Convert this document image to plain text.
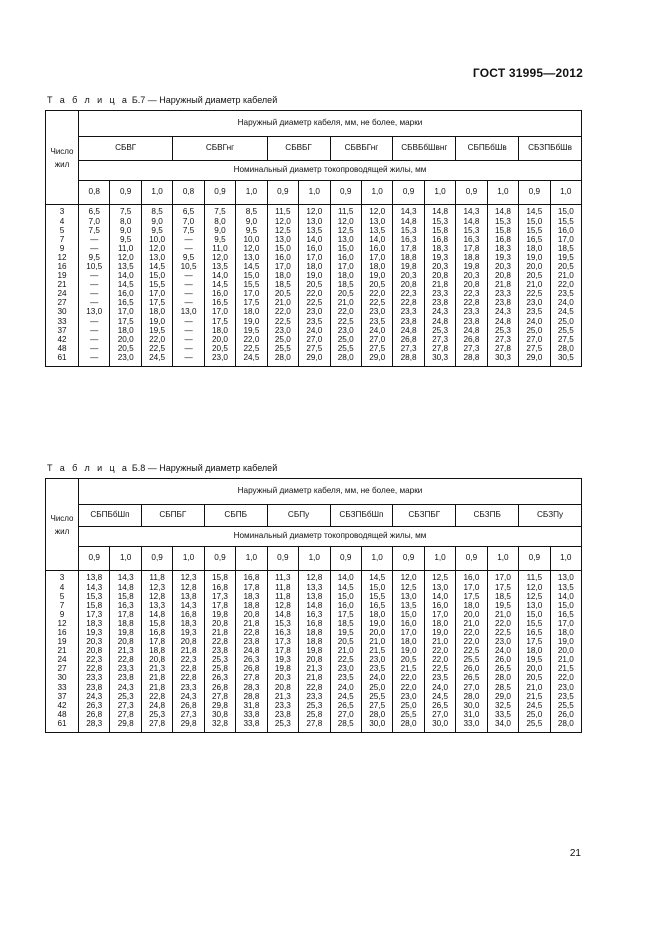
ГОСТ 31995—2012
Т а б л и ц а Б.7 — Наружный диаметр кабелей
Число
жил	Наружный диаметр кабеля, мм, не более, марки															
	СБВГ			СБВГнг			СБВБГ		СБВБГнг		СБВБбШвнг		СБПБбШв		СБЗПБбШв	
	Номинальный диаметр токопроводящей жилы, мм															
	0,8	0,9	1,0	0,8	0,9	1,0	0,9	1,0	0,9	1,0	0,9	1,0	0,9	1,0	0,9	1,0
3	6,5	7,5	8,5	6,5	7,5	8,5	11,5	12,0	11,5	12,0	14,3	14,8	14,3	14,8	14,5	15,0
4	7,0	8,0	9,0	7,0	8,0	9,0	12,0	13,0	12,0	13,0	14,8	15,3	14,8	15,3	15,0	15,5
5	7,5	9,0	9,5	7,5	9,0	9,5	12,5	13,5	12,5	13,5	15,3	15,8	15,3	15,8	15,5	16,0
7	—	9,5	10,0	—	9,5	10,0	13,0	14,0	13,0	14,0	16,3	16,8	16,3	16,8	16,5	17,0
9	—	11,0	12,0	—	11,0	12,0	15,0	16,0	15,0	16,0	17,8	18,3	17,8	18,3	18,0	18,5
12	9,5	12,0	13,0	9,5	12,0	13,0	16,0	17,0	16,0	17,0	18,8	19,3	18,8	19,3	19,0	19,5
16	10,5	13,5	14,5	10,5	13,5	14,5	17,0	18,0	17,0	18,0	19,8	20,3	19,8	20,3	20,0	20,5
19	—	14,0	15,0	—	14,0	15,0	18,0	19,0	18,0	19,0	20,3	20,8	20,3	20,8	20,5	21,0
21	—	14,5	15,5	—	14,5	15,5	18,5	20,5	18,5	20,5	20,8	21,8	20,8	21,8	21,0	22,0
24	—	16,0	17,0	—	16,0	17,0	20,5	22,0	20,5	22,0	22,3	23,3	22,3	23,3	22,5	23,5
27	—	16,5	17,5	—	16,5	17,5	21,0	22,5	21,0	22,5	22,8	23,8	22,8	23,8	23,0	24,0
30	13,0	17,0	18,0	13,0	17,0	18,0	22,0	23,0	22,0	23,0	23,3	24,3	23,3	24,3	23,5	24,5
33	—	17,5	19,0	—	17,5	19,0	22,5	23,5	22,5	23,5	23,8	24,8	23,8	24,8	24,0	25,0
37	—	18,0	19,5	—	18,0	19,5	23,0	24,0	23,0	24,0	24,8	25,3	24,8	25,3	25,0	25,5
42	—	20,0	22,0	—	20,0	22,0	25,0	27,0	25,0	27,0	26,8	27,3	26,8	27,3	27,0	27,5
48	—	20,5	22,5	—	20,5	22,5	25,5	27,5	25,5	27,5	27,3	27,8	27,3	27,8	27,5	28,0
61	—	23,0	24,5	—	23,0	24,5	28,0	29,0	28,0	29,0	28,8	30,3	28,8	30,3	29,0	30,5
Т а б л и ц а Б.8 — Наружный диаметр кабелей
Число
жил	Наружный диаметр кабеля, мм, не более, марки															
	СБПБбШп		СБПБГ		СБПБ		СБПу		СБЗПБбШп		СБЗПБГ		СБЗПБ		СБЗПу	
	Номинальный диаметр токопроводящей жилы, мм															
	0,9	1,0	0,9	1,0	0,9	1,0	0,9	1,0	0,9	1,0	0,9	1,0	0,9	1,0	0,9	1,0
3	13,8	14,3	11,8	12,3	15,8	16,8	11,3	12,8	14,0	14,5	12,0	12,5	16,0	17,0	11,5	13,0
4	14,3	14,8	12,3	12,8	16,8	17,8	11,8	13,3	14,5	15,0	12,5	13,0	17,0	17,5	12,0	13,5
5	15,3	15,8	12,8	13,8	17,3	18,3	11,8	13,8	15,0	15,5	13,0	14,0	17,5	18,5	12,5	14,0
7	15,8	16,3	13,3	14,3	17,8	18,8	12,8	14,8	16,0	16,5	13,5	16,0	18,0	19,5	13,0	15,0
9	17,3	17,8	14,8	16,8	19,8	20,8	14,8	16,3	17,5	18,0	15,0	17,0	20,0	21,0	15,0	16,5
12	18,3	18,8	15,8	18,3	20,8	21,8	15,3	16,8	18,5	19,0	16,0	18,0	21,0	22,0	15,5	17,0
16	19,3	19,8	16,8	19,3	21,8	22,8	16,3	18,8	19,5	20,0	17,0	19,0	22,0	22,5	16,5	18,0
19	20,3	20,8	17,8	20,8	22,8	23,8	17,3	18,8	20,5	21,0	18,0	21,0	22,0	23,0	17,5	19,0
21	20,8	21,3	18,8	21,8	23,8	24,8	17,8	19,8	21,0	21,5	19,0	22,0	22,5	24,0	18,0	20,0
24	22,3	22,8	20,8	22,3	25,3	26,3	19,3	20,8	22,5	23,0	20,5	22,0	25,5	26,0	19,5	21,0
27	22,8	23,3	21,3	22,8	25,8	26,8	19,8	21,3	23,0	23,5	21,5	22,5	26,0	26,5	20,0	21,5
30	23,3	23,8	21,8	22,8	26,3	27,8	20,3	21,8	23,5	24,0	22,0	23,5	26,5	28,0	20,5	22,0
33	23,8	24,3	21,8	23,3	26,8	28,3	20,8	22,8	24,0	25,0	22,0	24,0	27,0	28,5	21,0	23,0
37	24,3	25,3	22,8	24,3	27,8	28,8	21,3	23,3	24,5	25,5	23,0	24,5	28,0	29,0	21,5	23,5
42	26,3	27,3	24,8	26,8	29,8	31,8	23,3	25,3	26,5	27,5	25,0	26,5	30,0	32,5	24,5	25,5
48	26,8	27,8	25,3	27,3	30,8	33,8	23,8	25,8	27,0	28,0	25,5	27,0	31,0	33,5	25,0	26,0
61	28,3	29,8	27,8	29,8	32,8	33,8	25,3	27,8	28,5	30,0	28,0	30,0	33,0	34,0	25,5	28,0
21
